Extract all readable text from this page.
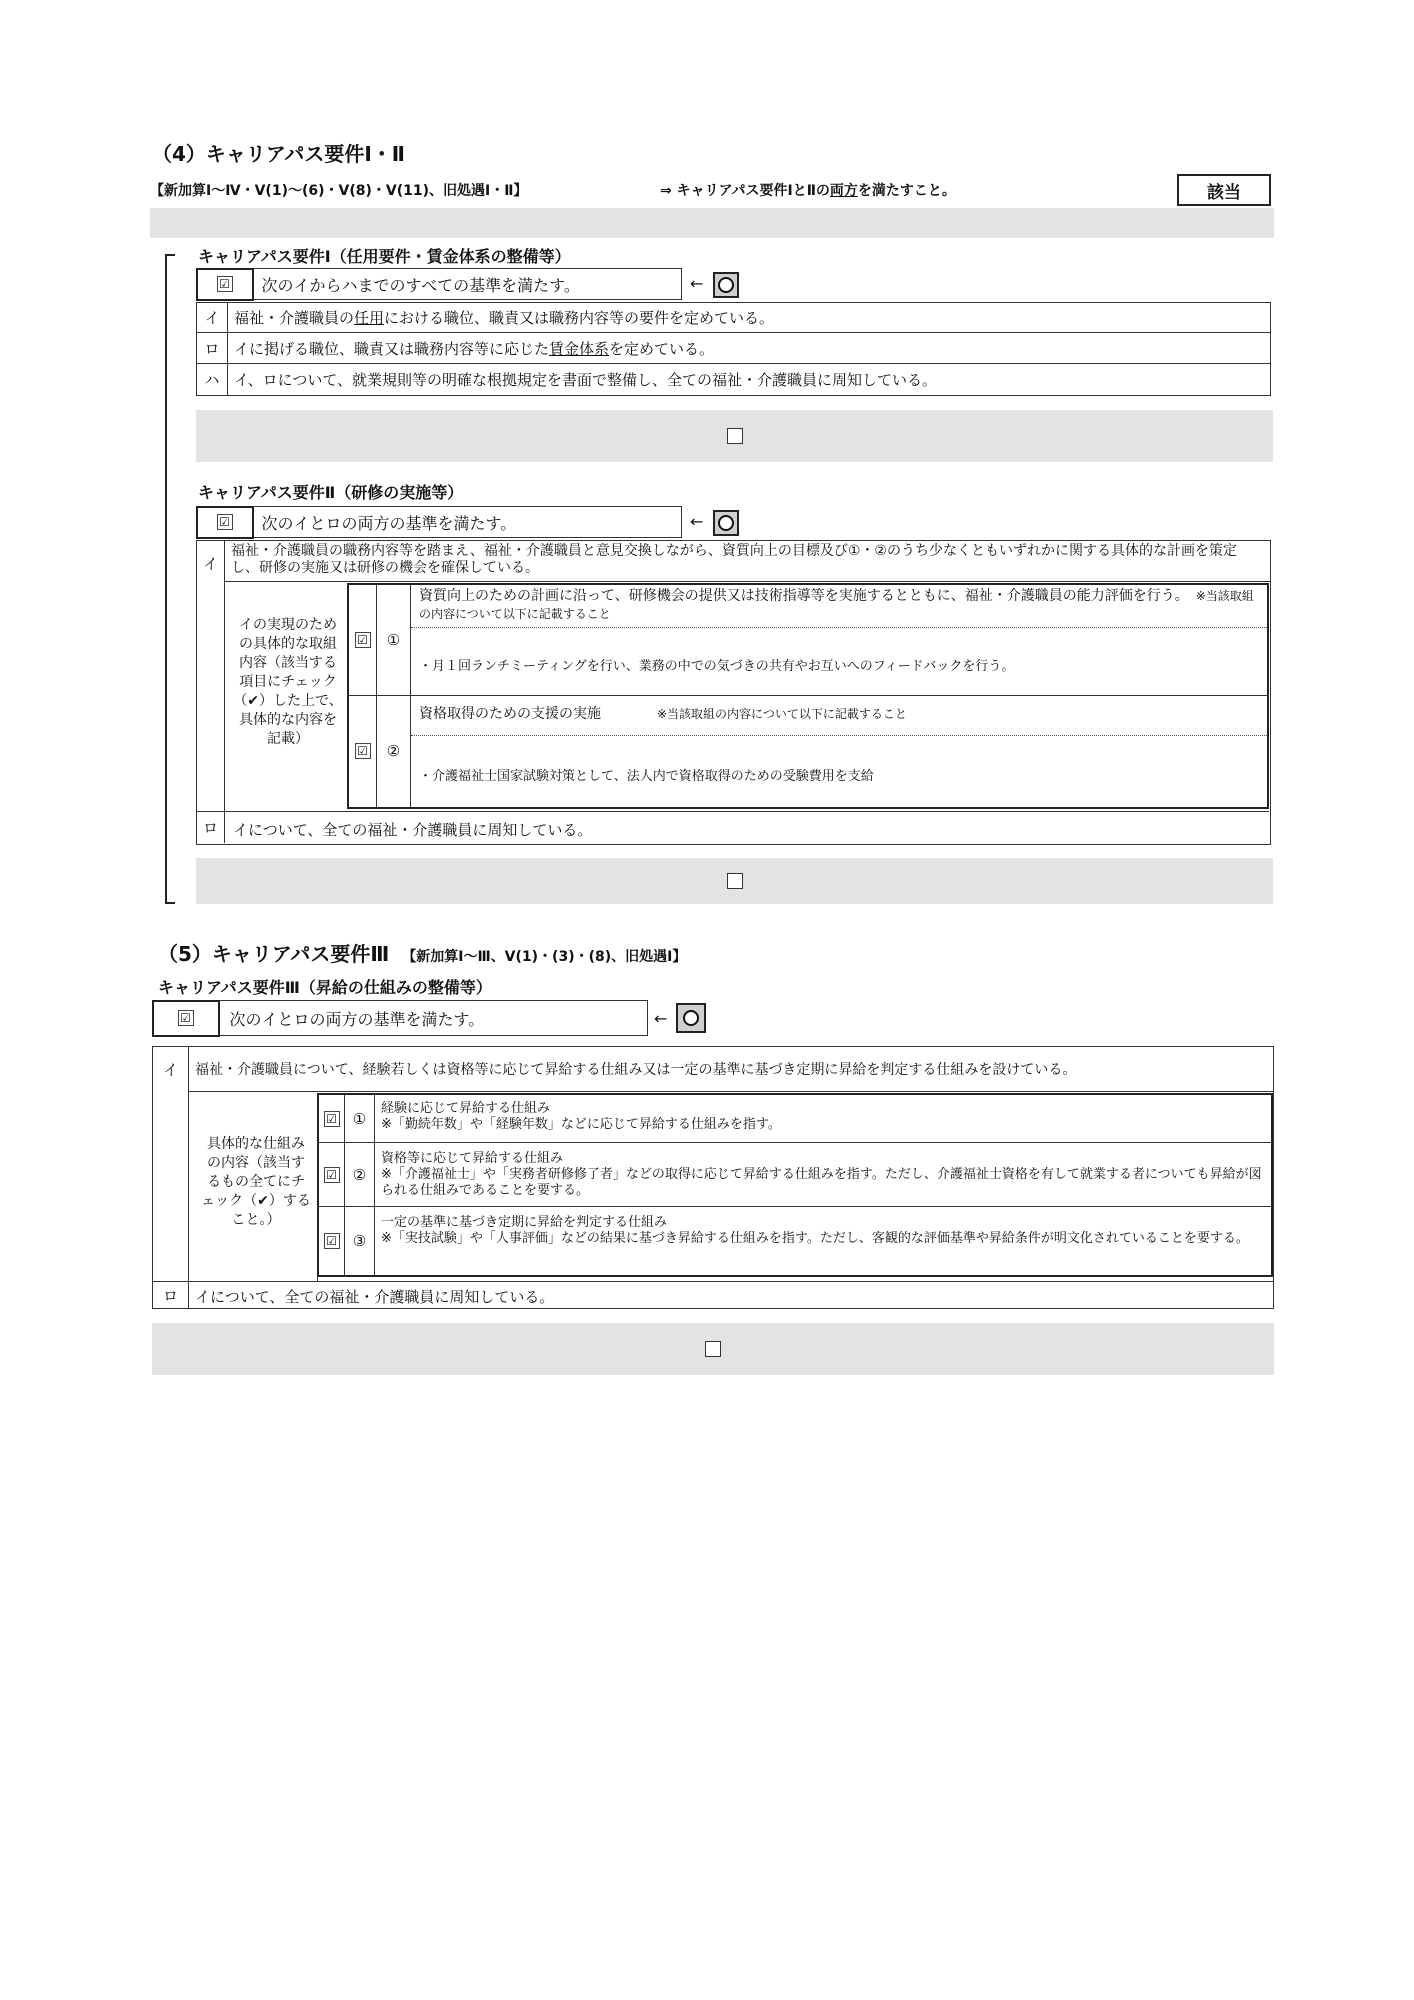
（4）キャリアパス要件Ⅰ・Ⅱ
【新加算Ⅰ～Ⅳ・Ⅴ(1)～(6)・Ⅴ(8)・Ⅴ(11)、旧処遇Ⅰ・Ⅱ】	⇒ キャリアパス要件ⅠとⅡの両方を満たすこと。	該当
キャリアパス要件Ⅰ（任用要件・賃金体系の整備等）
☑	次のイからハまでのすべての基準を満たす。	←
イ 福祉・介護職員の 任用 における職位、職責又は職務内容等の要件を定めている。
ロ イに掲げる職位、職責又は職務内容等に応じた 賃金体系 を定めている。
ハ イ、ロについて、就業規則等の明確な根拠規定を書面で整備し、全ての福祉・介護職員に周知している。
キャリアパス要件Ⅱ（研修の実施等）
☑	次のイとロの両方の基準を満たす。	←
イ
福祉・介護職員の職務内容等を踏まえ、福祉・介護職員と意見交換しながら、資質向上の目標及び①・②のうち少なくともいずれかに関する具体的な計画を策定し、研修の実施又は研修の機会を確保している。
イの実現のための具体的な取組内容（該当する項目にチェック（✔）した上で、具体的な内容を記載）
☑	①
資質向上のための計画に沿って、研修機会の提供又は技術指導等を実施するとともに、福祉・介護職員の能力評価を行う。　 ※当該取組の内容について以下に記載すること
・月１回ランチミーティングを行い、業務の中での気づきの共有やお互いへのフィードバックを行う。
☑	②
資格取得のための支援の実施　　　　	※当該取組の内容について以下に記載すること
・介護福祉士国家試験対策として、法人内で資格取得のための受験費用を支給
ロ	イについて、全ての福祉・介護職員に周知している。
（5）キャリアパス要件Ⅲ　 【新加算Ⅰ～Ⅲ、Ⅴ(1)・(3)・(8)、旧処遇Ⅰ】
キャリアパス要件Ⅲ（昇給の仕組みの整備等）
☑	次のイとロの両方の基準を満たす。	←
イ	福祉・介護職員について、経験若しくは資格等に応じて昇給する仕組み又は一定の基準に基づき定期に昇給を判定する仕組みを設けている。
具体的な仕組みの内容（該当するもの全てにチェック（✔）すること。）
☑	①
経験に応じて昇給する仕組み
※「勤続年数」や「経験年数」などに応じて昇給する仕組みを指す。
☑	②
資格等に応じて昇給する仕組み
※「介護福祉士」や「実務者研修修了者」などの取得に応じて昇給する仕組みを指す。ただし、介護福祉士資格を有して就業する者についても昇給が図られる仕組みであることを要する。
☑	③
一定の基準に基づき定期に昇給を判定する仕組み
※「実技試験」や「人事評価」などの結果に基づき昇給する仕組みを指す。ただし、客観的な評価基準や昇給条件が明文化されていることを要する。
ロ	イについて、全ての福祉・介護職員に周知している。
